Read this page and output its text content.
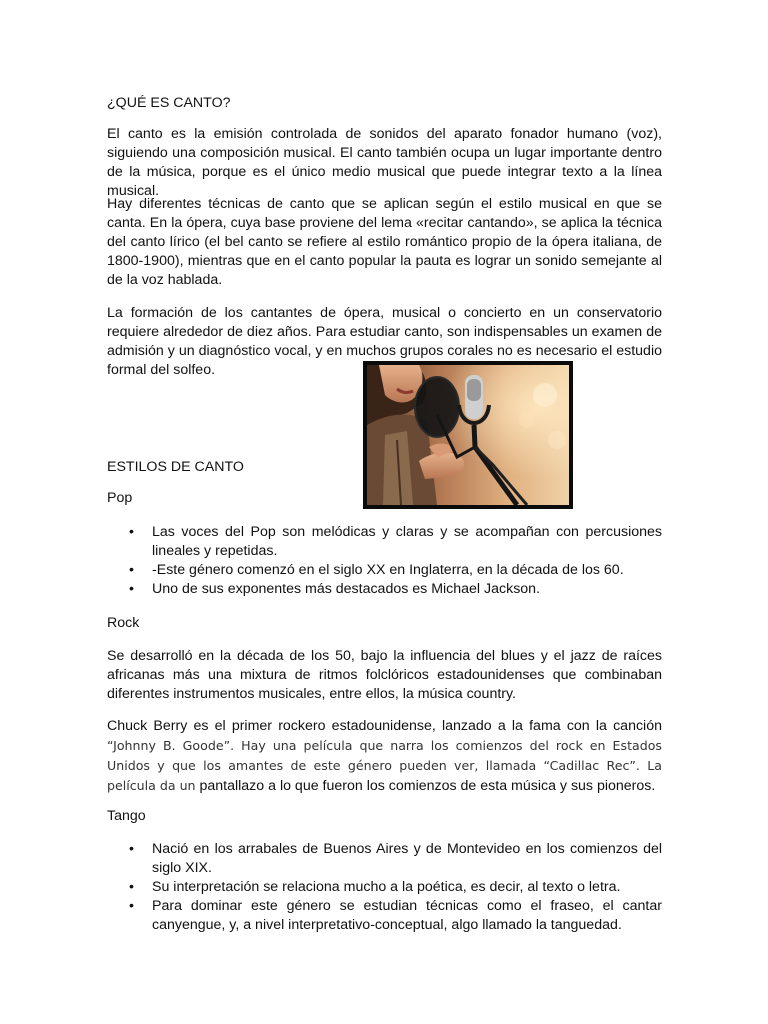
¿QUÉ ES CANTO?

El canto es la emisión controlada de sonidos del aparato fonador humano (voz), siguiendo una composición musical. El canto también ocupa un lugar importante dentro de la música, porque es el único medio musical que puede integrar texto a la línea musical.

Hay diferentes técnicas de canto que se aplican según el estilo musical en que se canta. En la ópera, cuya base proviene del lema «recitar cantando», se aplica la técnica del canto lírico (el bel canto se refiere al estilo romántico propio de la ópera italiana, de 1800-1900), mientras que en el canto popular la pauta es lograr un sonido semejante al de la voz hablada.

La formación de los cantantes de ópera, musical o concierto en un conservatorio requiere alrededor de diez años. Para estudiar canto, son indispensables un examen de admisión y un diagnóstico vocal, y en muchos grupos corales no es necesario el estudio formal del solfeo.

ESTILOS DE CANTO

Pop

• Las voces del Pop son melódicas y claras y se acompañan con percusiones lineales y repetidas.
• -Este género comenzó en el siglo XX en Inglaterra, en la década de los 60.
• Uno de sus exponentes más destacados es Michael Jackson.

Rock

Se desarrolló en la década de los 50, bajo la influencia del blues y el jazz de raíces africanas más una mixtura de ritmos folclóricos estadounidenses que combinaban diferentes instrumentos musicales, entre ellos, la música country.

Chuck Berry es el primer rockero estadounidense, lanzado a la fama con la canción “Johnny B. Goode”. Hay una película que narra los comienzos del rock en Estados Unidos y que los amantes de este género pueden ver, llamada “Cadillac Rec”. La película da un pantallazo a lo que fueron los comienzos de esta música y sus pioneros.

Tango

• Nació en los arrabales de Buenos Aires y de Montevideo en los comienzos del siglo XIX.
• Su interpretación se relaciona mucho a la poética, es decir, al texto o letra.
• Para dominar este género se estudian técnicas como el fraseo, el cantar canyengue, y, a nivel interpretativo-conceptual, algo llamado la tanguedad.
